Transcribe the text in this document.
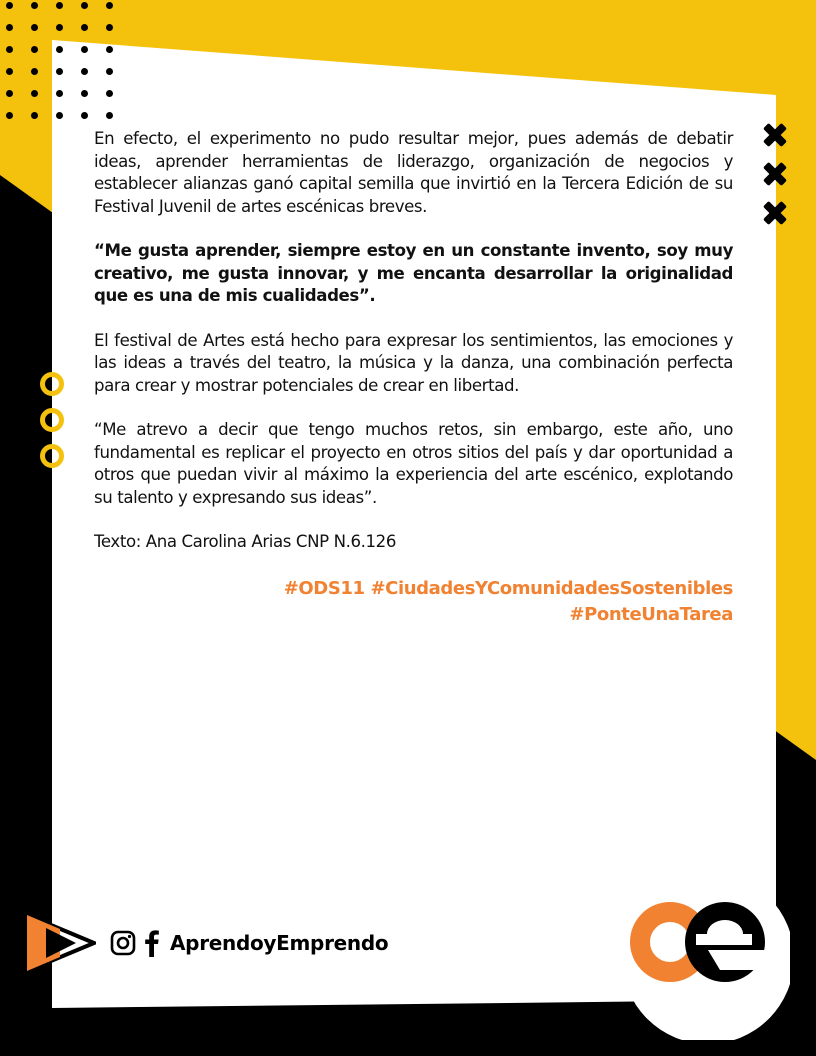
En efecto, el experimento no pudo resultar mejor, pues además de debatir ideas, aprender herramientas de liderazgo, organización de negocios y establecer alianzas ganó capital semilla que invirtió en la Tercera Edición de su Festival Juvenil de artes escénicas breves.

“Me gusta aprender, siempre estoy en un constante invento, soy muy creativo, me gusta innovar, y me encanta desarrollar la originalidad que es una de mis cualidades”.

El festival de Artes está hecho para expresar los sentimientos, las emociones y las ideas a través del teatro, la música y la danza, una combinación perfecta para crear y mostrar potenciales de crear en libertad.

“Me atrevo a decir que tengo muchos retos, sin embargo, este año, uno fundamental es replicar el proyecto en otros sitios del país y dar oportunidad a otros que puedan vivir al máximo la experiencia del arte escénico, explotando su talento y expresando sus ideas”.

Texto: Ana Carolina Arias CNP N.6.126

#ODS11 #CiudadesYComunidadesSostenibles
#PonteUnaTarea
AprendoyEmprendo
